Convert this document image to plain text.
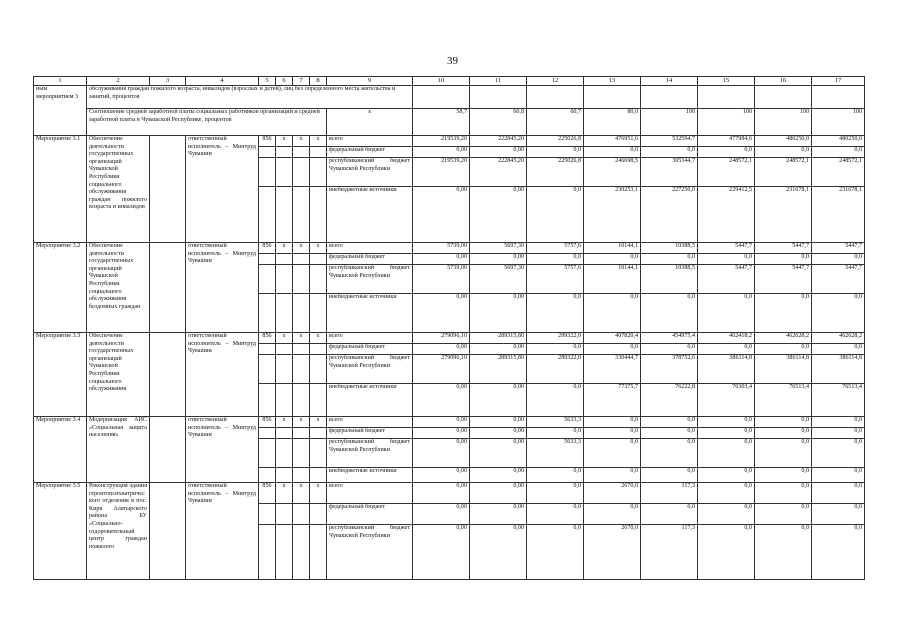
39
1	2	3	4	5	6	7	8	9	10	11	12	13	14	15	16	17
ным мероприятием 3	обслуживания граждан пожилого возраста, инвалидов (взрослых и детей), лиц без определенного места жительства и занятий, процентов															
	Соотношение средней заработной платы социальных работников организаций и средней заработной платы в Чувашской Республике, процентов							х	58,7	60,8	60,7	80,0	100	100	100	100
Мероприятие 3.1	Обеспечение деятельности государственных организаций Чувашской Республики социального обслуживания граждан пожилого возраста и инвалидов		ответственный исполнитель – Минтруд Чувашии	856	х	х	х	всего	219539,20	222845,20	225026,8	476951,6	532594,7	477984,6	480250,0	480250,0
								федеральный бюджет	0,00	0,00	0,0	0,0	0,0	0,0	0,0	0,0
								республиканский бюджет Чувашской Республики	219539,20	222845,20	225026,8	246698,5	305344,7	248572,1	248572,1	248572,1
								внебюджетные источники	0,00	0,00	0,0	230253,1	227250,0	229412,5	231678,1	231678,1
Мероприятие 3.2	Обеспечение деятельности государственных организаций Чувашской Республики социального обслуживания бездомных граждан		ответственный исполнитель – Минтруд Чувашии	856	х	х	х	всего	5739,00	5697,30	5757,6	10144,1	10388,5	5447,7	5447,7	5447,7
								федеральный бюджет	0,00	0,00	0,0	0,0	0,0	0,0	0,0	0,0
								республиканский бюджет Чувашской Республики	5739,00	5697,30	5757,6	10144,1	10388,5	5447,7	5447,7	5447,7
								внебюджетные источники	0,00	0,00	0,0	0,0	0,0	0,0	0,0	0,0
Мероприятие 3.3	Обеспечение деятельности государственных организаций Чувашской Республики социального обслуживания		ответственный исполнитель – Минтруд Чувашии	856	х	х	х	всего	279096,10	289315,80	289322,0	407820,4	454975,4	462418,2	462628,2	462628,2
								федеральный бюджет	0,00	0,00	0,0	0,0	0,0	0,0	0,0	0,0
								республиканский бюджет Чувашской Республики	279096,10	289315,80	289322,0	330444,7	378752,6	386114,8	386114,8	386114,8
								внебюджетные источники	0,00	0,00	0,0	77375,7	76222,8	76303,4	76513,4	76513,4
Мероприятие 3.4	Модернизация АИС «Социальная защита населения»		ответственный исполнитель – Минтруд Чувашии	856	х	х	х	всего	0,00	0,00	5633,3	0,0	0,0	0,0	0,0	0,0
								федеральный бюджет	0,00	0,00	0,0	0,0	0,0	0,0	0,0	0,0
								республиканский бюджет Чувашской Республики	0,00	0,00	5633,3	0,0	0,0	0,0	0,0	0,0
								внебюджетные источники	0,00	0,00	0,0	0,0	0,0	0,0	0,0	0,0
Мероприятие 3.5	Реконструкция здания геронтопсихиатрического отделения в пос. Киря Алатырского района БУ «Социально-оздоровительный центр граждан пожилого		ответственный исполнитель - Минтруд Чувашии	856	х	х	х	всего	0,00	0,00	0,0	2670,0	117,3	0,0	0,0	0,0
								федеральный бюджет	0,00	0,00	0,0	0,0	0,0	0,0	0,0	0,0
								республиканский бюджет Чувашской Республики	0,00	0,00	0,0	2670,0	117,3	0,0	0,0	0,0
